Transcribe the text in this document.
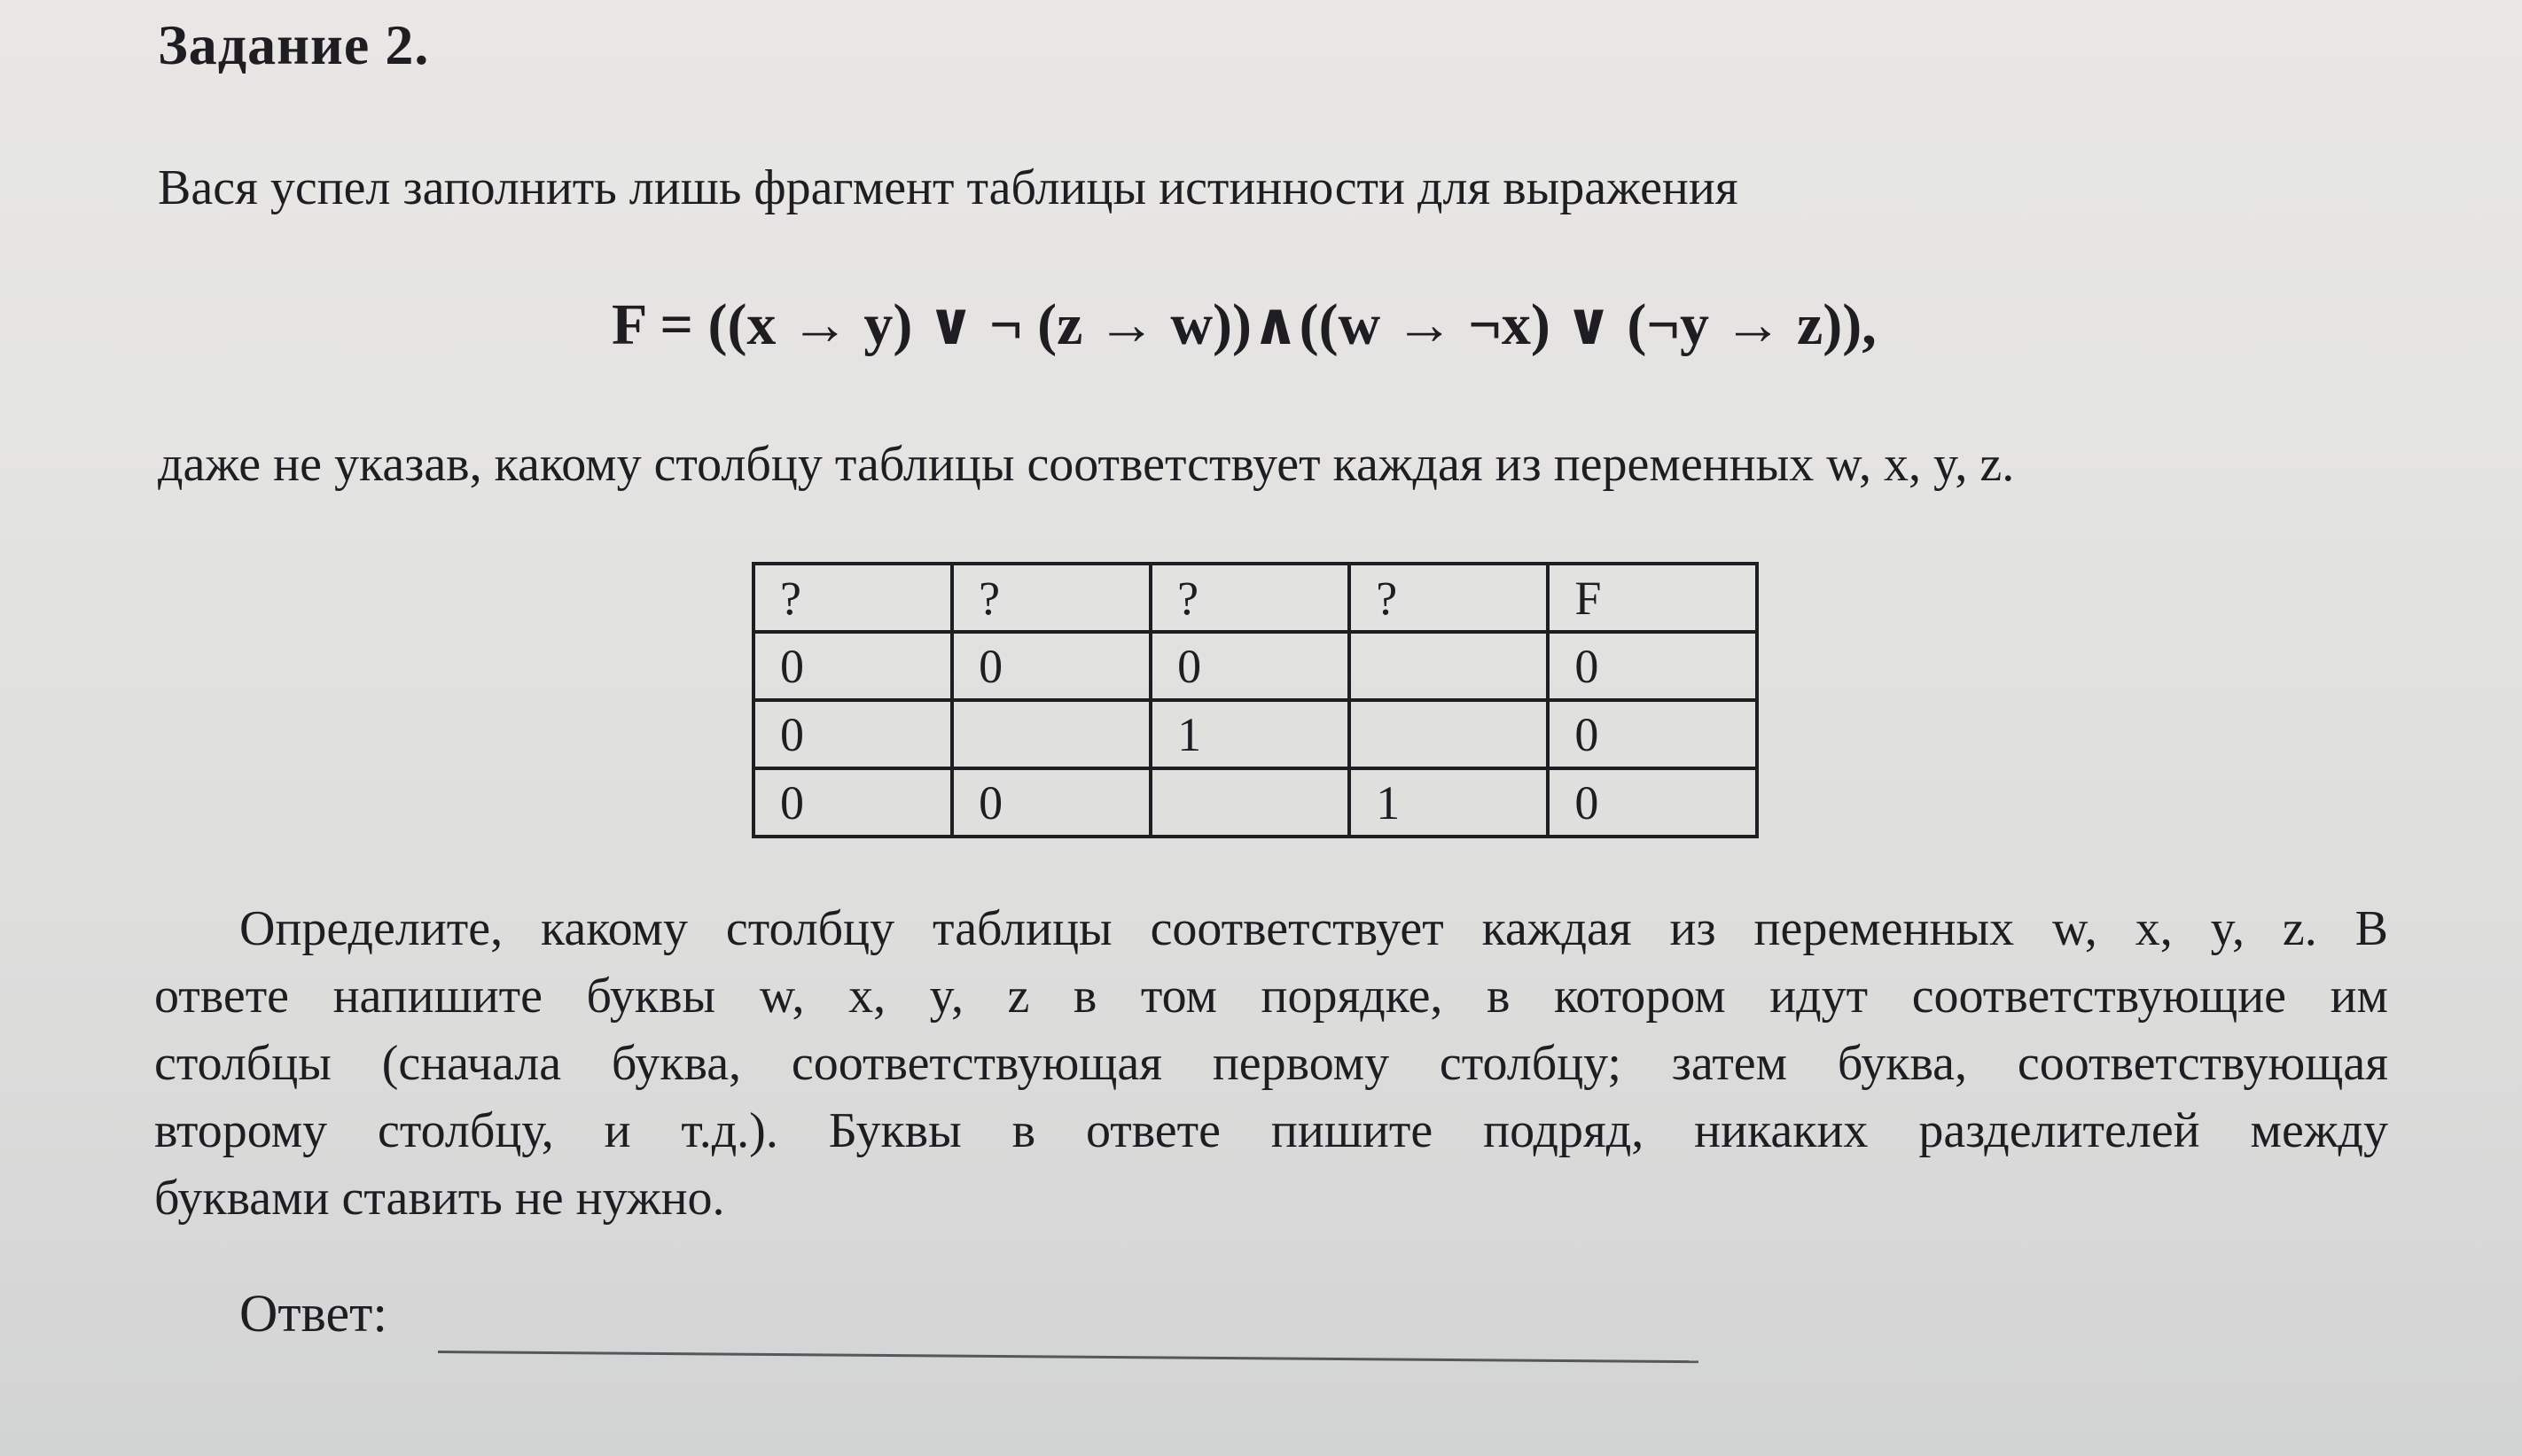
Задание 2.
Вася успел заполнить лишь фрагмент таблицы истинности для выражения
F = ((x → y) ∨ ¬ (z → w))∧((w → ¬x) ∨ (¬y → z)),
даже не указав, какому столбцу таблицы соответствует каждая из переменных w, x, y, z.
?	?	?	?	F
0	0	0		0
0		1		0
0	0		1	0
Определите, какому столбцу таблицы соответствует каждая из переменных w, x, y, z. В
ответе напишите буквы w, x, y, z в том порядке, в котором идут соответствующие им
столбцы (сначала буква, соответствующая первому столбцу; затем буква, соответствующая
второму столбцу, и т.д.). Буквы в ответе пишите подряд, никаких разделителей между
буквами ставить не нужно.
Ответ:
